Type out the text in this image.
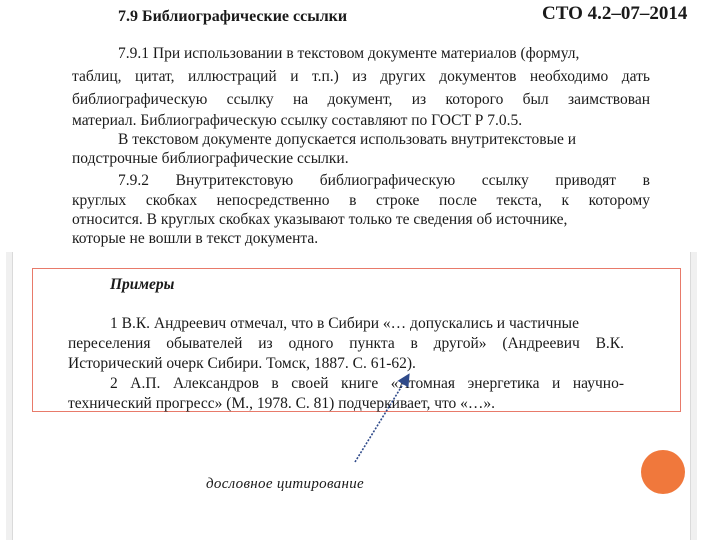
7.9 Библиографические ссылки	СТО 4.2–07–2014
7.9.1 При использовании в текстовом документе материалов (формул,
таблиц, цитат, иллюстраций и т.п.) из других документов необходимо дать
библиографическую ссылку на документ, из которого был заимствован
материал. Библиографическую ссылку составляют по ГОСТ Р 7.0.5.
В текстовом документе допускается использовать внутритекстовые и
подстрочные библиографические ссылки.
7.9.2 Внутритекстовую библиографическую ссылку приводят в
круглых скобках непосредственно в строке после текста, к которому
относится. В круглых скобках указывают только те сведения об источнике,
которые не вошли в текст документа.
Примеры
1 В.К. Андреевич отмечал, что в Сибири «… допускались и частичные
переселения обывателей из одного пункта в другой» (Андреевич В.К.
Исторический очерк Сибири. Томск, 1887. С. 61-62).
2 А.П. Александров в своей книге «Атомная энергетика и научно-
технический прогресс» (М., 1978. С. 81) подчеркивает, что «…».
дословное цитирование
